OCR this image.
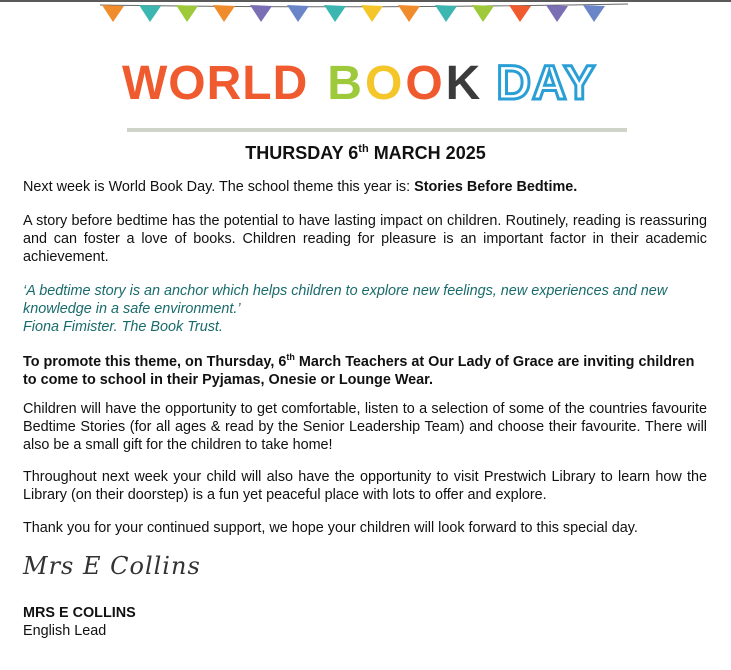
WORLD BOOK DAY
THURSDAY 6th MARCH 2025

Next week is World Book Day. The school theme this year is: Stories Before Bedtime.

A story before bedtime has the potential to have lasting impact on children. Routinely, reading is reassuring and can foster a love of books. Children reading for pleasure is an important factor in their academic achievement.

‘A bedtime story is an anchor which helps children to explore new feelings, new experiences and new knowledge in a safe environment.’
Fiona Fimister. The Book Trust.

To promote this theme, on Thursday, 6th March Teachers at Our Lady of Grace are inviting children to come to school in their Pyjamas, Onesie or Lounge Wear.

Children will have the opportunity to get comfortable, listen to a selection of some of the countries favourite Bedtime Stories (for all ages & read by the Senior Leadership Team) and choose their favourite. There will also be a small gift for the children to take home!

Throughout next week your child will also have the opportunity to visit Prestwich Library to learn how the Library (on their doorstep) is a fun yet peaceful place with lots to offer and explore.

Thank you for your continued support, we hope your children will look forward to this special day.

Mrs E Collins

MRS E COLLINS

English Lead
